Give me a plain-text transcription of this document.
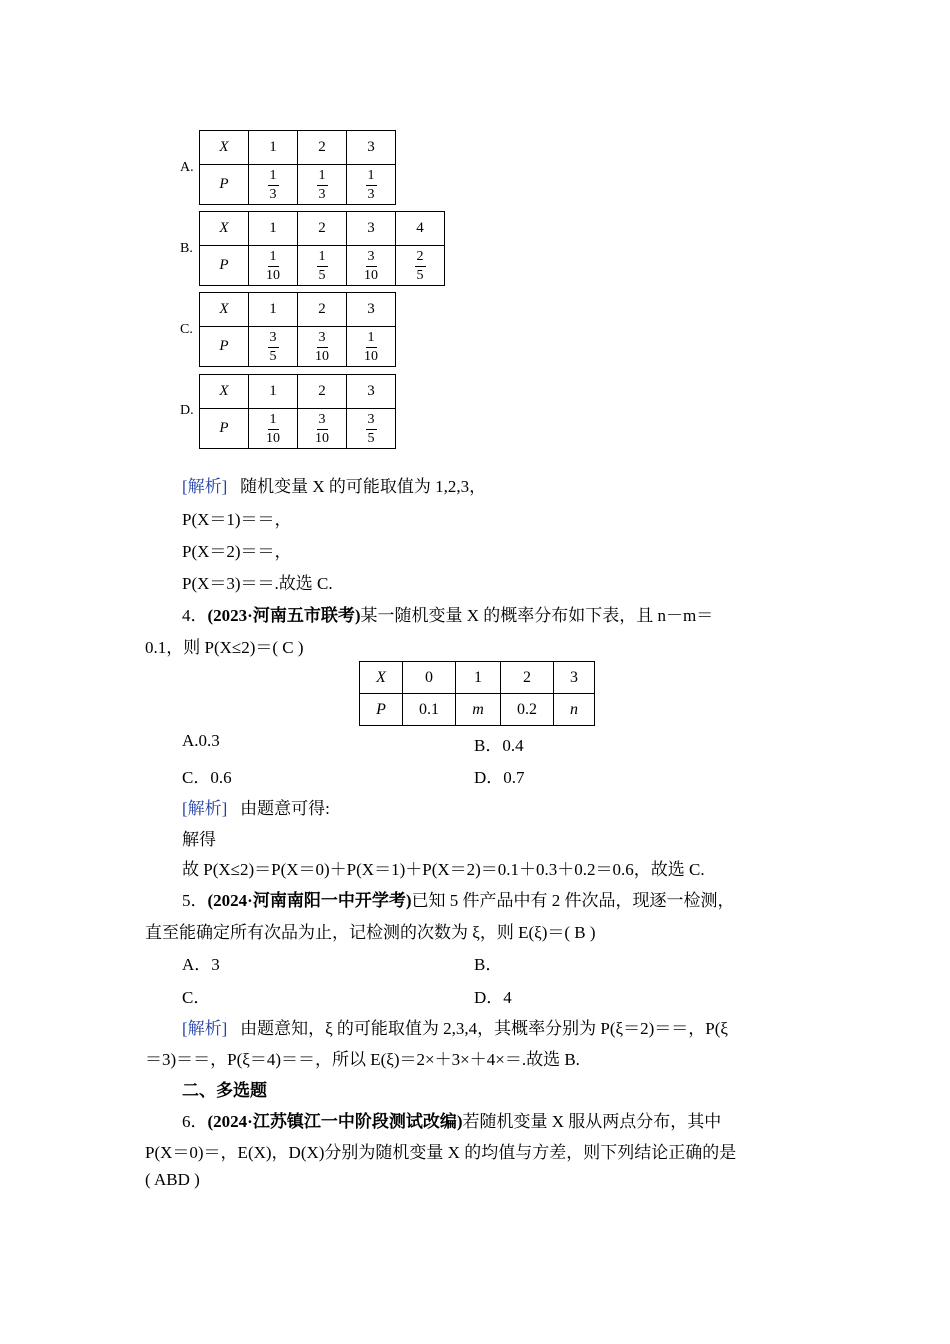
A.
X	1	2	3
P	$\frac{1}{3}$	$\frac{1}{3}$	$\frac{1}{3}$
B.
X	1	2	3	4
P	$\frac{1}{10}$	$\frac{1}{5}$	$\frac{3}{10}$	$\frac{2}{5}$
C.
X	1	2	3
P	$\frac{3}{5}$	$\frac{3}{10}$	$\frac{1}{10}$
D.
X	1	2	3
P	$\frac{1}{10}$	$\frac{3}{10}$	$\frac{3}{5}$
[解析] 随机变量 X 的可能取值为 1,2,3，
P(X＝1)＝＝，
P(X＝2)＝＝，
P(X＝3)＝＝.故选 C.
4．(2023·河南五市联考)某一随机变量 X 的概率分布如下表，且 n－m＝
0.1，则 P(X≤2)＝( C )
X	0	1	2	3
P	0.1	m	0.2	n
A.0.3	B．0.4
C．0.6	D．0.7
[解析] 由题意可得:
解得
故 P(X≤2)＝P(X＝0)＋P(X＝1)＋P(X＝2)＝0.1＋0.3＋0.2＝0.6，故选 C.
5．(2024·河南南阳一中开学考)已知 5 件产品中有 2 件次品，现逐一检测，
直至能确定所有次品为止，记检测的次数为 ξ，则 E(ξ)＝( B )
A．3	B．
C．	D．4
[解析] 由题意知，ξ 的可能取值为 2,3,4，其概率分别为 P(ξ＝2)＝＝，P(ξ
＝3)＝＝，P(ξ＝4)＝＝，所以 E(ξ)＝2×＋3×＋4×＝.故选 B.
二、多选题
6．(2024·江苏镇江一中阶段测试改编)若随机变量 X 服从两点分布，其中
P(X＝0)＝，E(X)，D(X)分别为随机变量 X 的均值与方差，则下列结论正确的是
( ABD )
